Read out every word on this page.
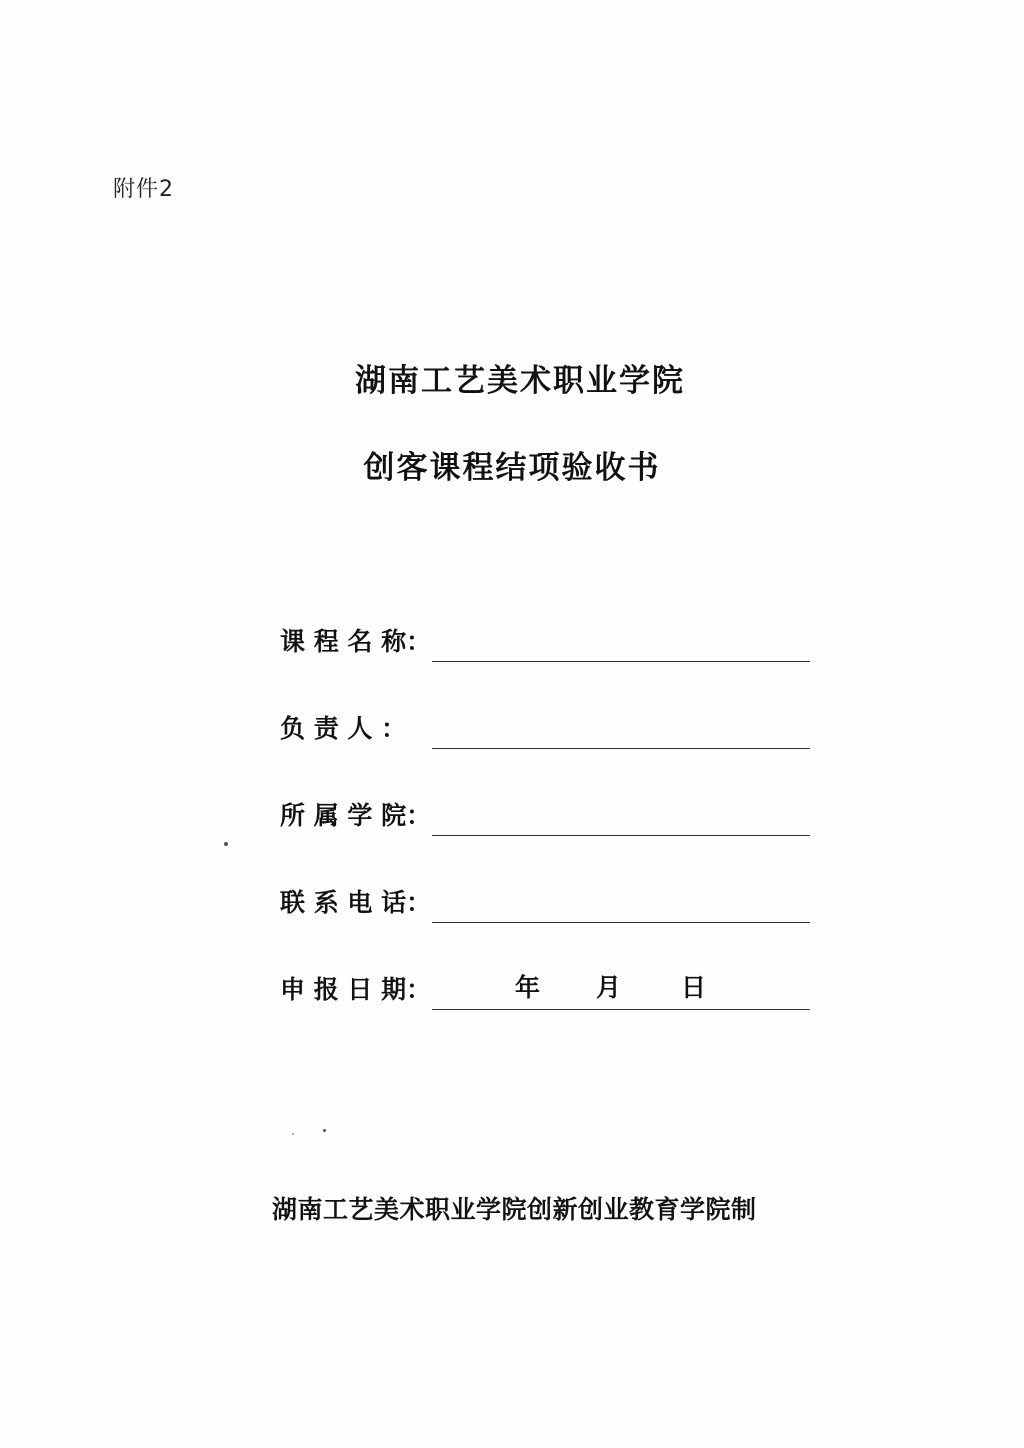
附件2
湖南工艺美术职业学院
创客课程结项验收书
课 程 名 称：
负 责 人 ：
所 属 学 院：
联 系 电 话：
申 报 日 期：	年 月 日
湖南工艺美术职业学院创新创业教育学院制
